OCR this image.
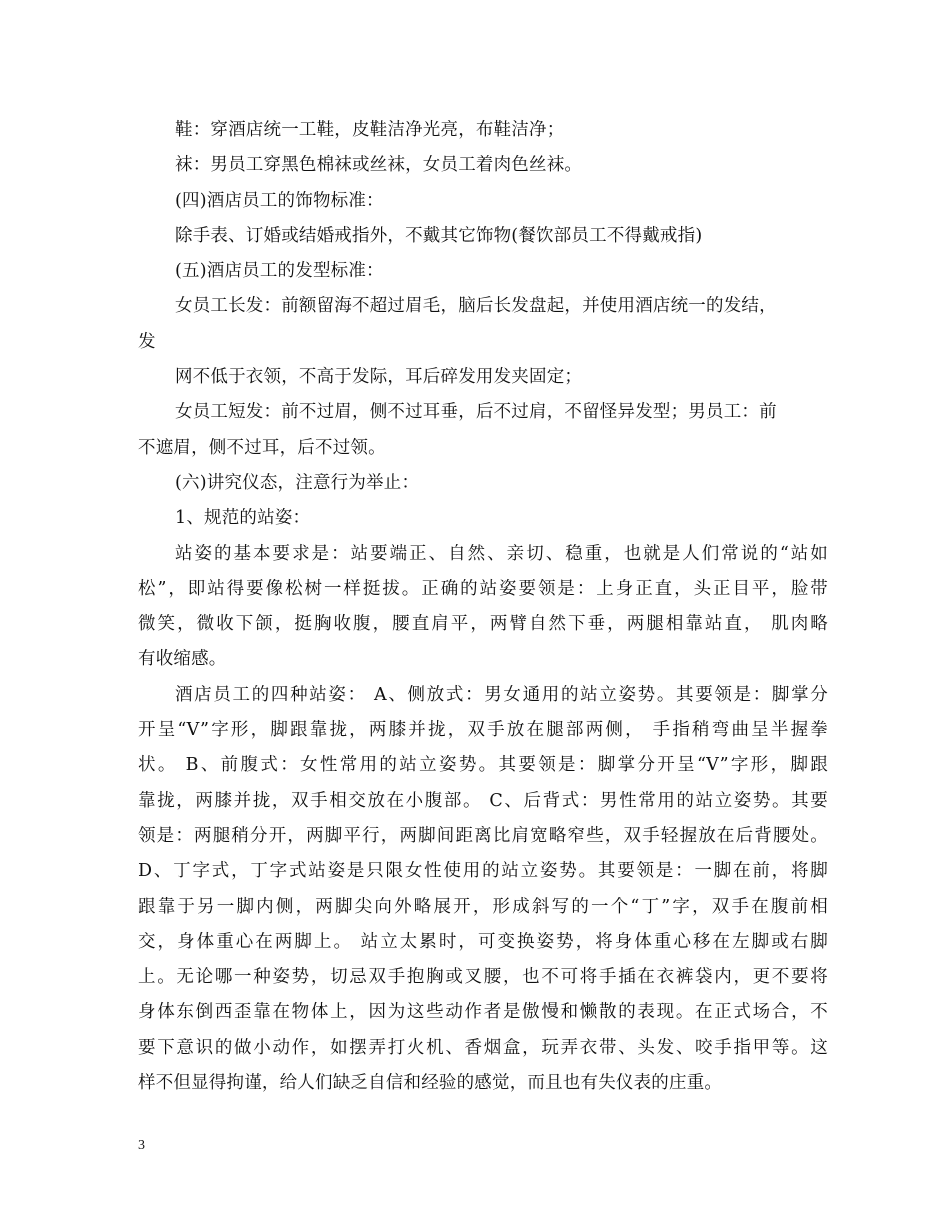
鞋：穿酒店统一工鞋，皮鞋洁净光亮，布鞋洁净；
袜：男员工穿黑色棉袜或丝袜，女员工着肉色丝袜。
(四)酒店员工的饰物标准：
除手表、订婚或结婚戒指外，不戴其它饰物(餐饮部员工不得戴戒指)
(五)酒店员工的发型标准：
女员工长发：前额留海不超过眉毛，脑后长发盘起，并使用酒店统一的发结，
发
网不低于衣领，不高于发际，耳后碎发用发夹固定；
女员工短发：前不过眉，侧不过耳垂，后不过肩，不留怪异发型；男员工：前
不遮眉，侧不过耳，后不过领。
(六)讲究仪态，注意行为举止：
1、规范的站姿：
站姿的基本要求是：站要端正、自然、亲切、稳重，也就是人们常说的“站如
松”，即站得要像松树一样挺拔。正确的站姿要领是：上身正直，头正目平，脸带
微笑，微收下颌，挺胸收腹，腰直肩平，两臂自然下垂，两腿相靠站直， 肌肉略
有收缩感。
酒店员工的四种站姿： A、侧放式：男女通用的站立姿势。其要领是：脚掌分
开呈“V”字形，脚跟靠拢，两膝并拢，双手放在腿部两侧， 手指稍弯曲呈半握拳
状。 B、前腹式：女性常用的站立姿势。其要领是：脚掌分开呈“V”字形，脚跟
靠拢，两膝并拢，双手相交放在小腹部。 C、后背式：男性常用的站立姿势。其要
领是：两腿稍分开，两脚平行，两脚间距离比肩宽略窄些，双手轻握放在后背腰处。
D、丁字式，丁字式站姿是只限女性使用的站立姿势。其要领是：一脚在前，将脚
跟靠于另一脚内侧，两脚尖向外略展开，形成斜写的一个“丁”字，双手在腹前相
交，身体重心在两脚上。 站立太累时，可变换姿势，将身体重心移在左脚或右脚
上。无论哪一种姿势，切忌双手抱胸或叉腰，也不可将手插在衣裤袋内，更不要将
身体东倒西歪靠在物体上，因为这些动作者是傲慢和懒散的表现。在正式场合，不
要下意识的做小动作，如摆弄打火机、香烟盒，玩弄衣带、头发、咬手指甲等。这
样不但显得拘谨，给人们缺乏自信和经验的感觉，而且也有失仪表的庄重。
3
